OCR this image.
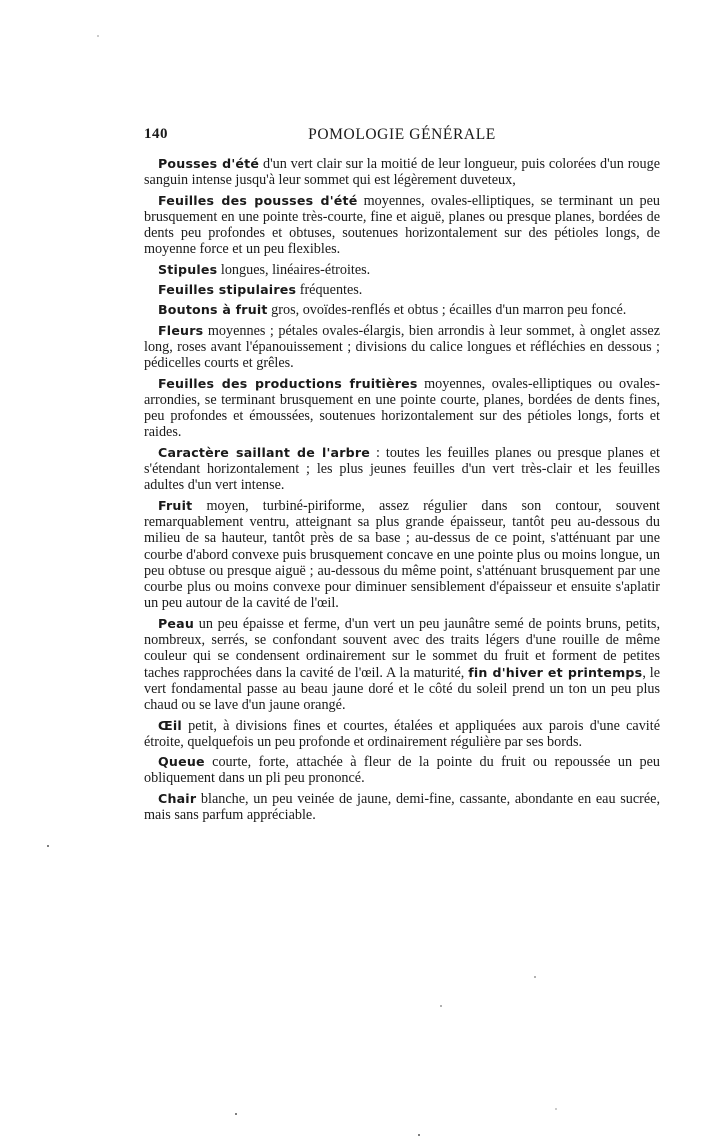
140	POMOLOGIE GÉNÉRALE

Pousses d'été d'un vert clair sur la moitié de leur longueur, puis colorées d'un rouge sanguin intense jusqu'à leur sommet qui est légèrement duveteux,

Feuilles des pousses d'été moyennes, ovales-elliptiques, se terminant un peu brusquement en une pointe très-courte, fine et aiguë, planes ou presque planes, bordées de dents peu profondes et obtuses, soutenues horizontalement sur des pétioles longs, de moyenne force et un peu flexibles.

Stipules longues, linéaires-étroites.

Feuilles stipulaires fréquentes.

Boutons à fruit gros, ovoïdes-renflés et obtus ; écailles d'un marron peu foncé.

Fleurs moyennes ; pétales ovales-élargis, bien arrondis à leur sommet, à onglet assez long, roses avant l'épanouissement ; divisions du calice longues et réfléchies en dessous ; pédicelles courts et grêles.

Feuilles des productions fruitières moyennes, ovales-elliptiques ou ovales-arrondies, se terminant brusquement en une pointe courte, planes, bordées de dents fines, peu profondes et émoussées, soutenues horizontalement sur des pétioles longs, forts et raides.

Caractère saillant de l'arbre : toutes les feuilles planes ou presque planes et s'étendant horizontalement ; les plus jeunes feuilles d'un vert très-clair et les feuilles adultes d'un vert intense.

Fruit moyen, turbiné-piriforme, assez régulier dans son contour, souvent remarquablement ventru, atteignant sa plus grande épaisseur, tantôt peu au-dessous du milieu de sa hauteur, tantôt près de sa base ; au-dessus de ce point, s'atténuant par une courbe d'abord convexe puis brusquement concave en une pointe plus ou moins longue, un peu obtuse ou presque aiguë ; au-dessous du même point, s'atténuant brusquement par une courbe plus ou moins convexe pour diminuer sensiblement d'épaisseur et ensuite s'aplatir un peu autour de la cavité de l'œil.

Peau un peu épaisse et ferme, d'un vert un peu jaunâtre semé de points bruns, petits, nombreux, serrés, se confondant souvent avec des traits légers d'une rouille de même couleur qui se condensent ordinairement sur le sommet du fruit et forment de petites taches rapprochées dans la cavité de l'œil. A la maturité, fin d'hiver et printemps, le vert fondamental passe au beau jaune doré et le côté du soleil prend un ton un peu plus chaud ou se lave d'un jaune orangé.

Œil petit, à divisions fines et courtes, étalées et appliquées aux parois d'une cavité étroite, quelquefois un peu profonde et ordinairement régulière par ses bords.

Queue courte, forte, attachée à fleur de la pointe du fruit ou repoussée un peu obliquement dans un pli peu prononcé.

Chair blanche, un peu veinée de jaune, demi-fine, cassante, abondante en eau sucrée, mais sans parfum appréciable.
